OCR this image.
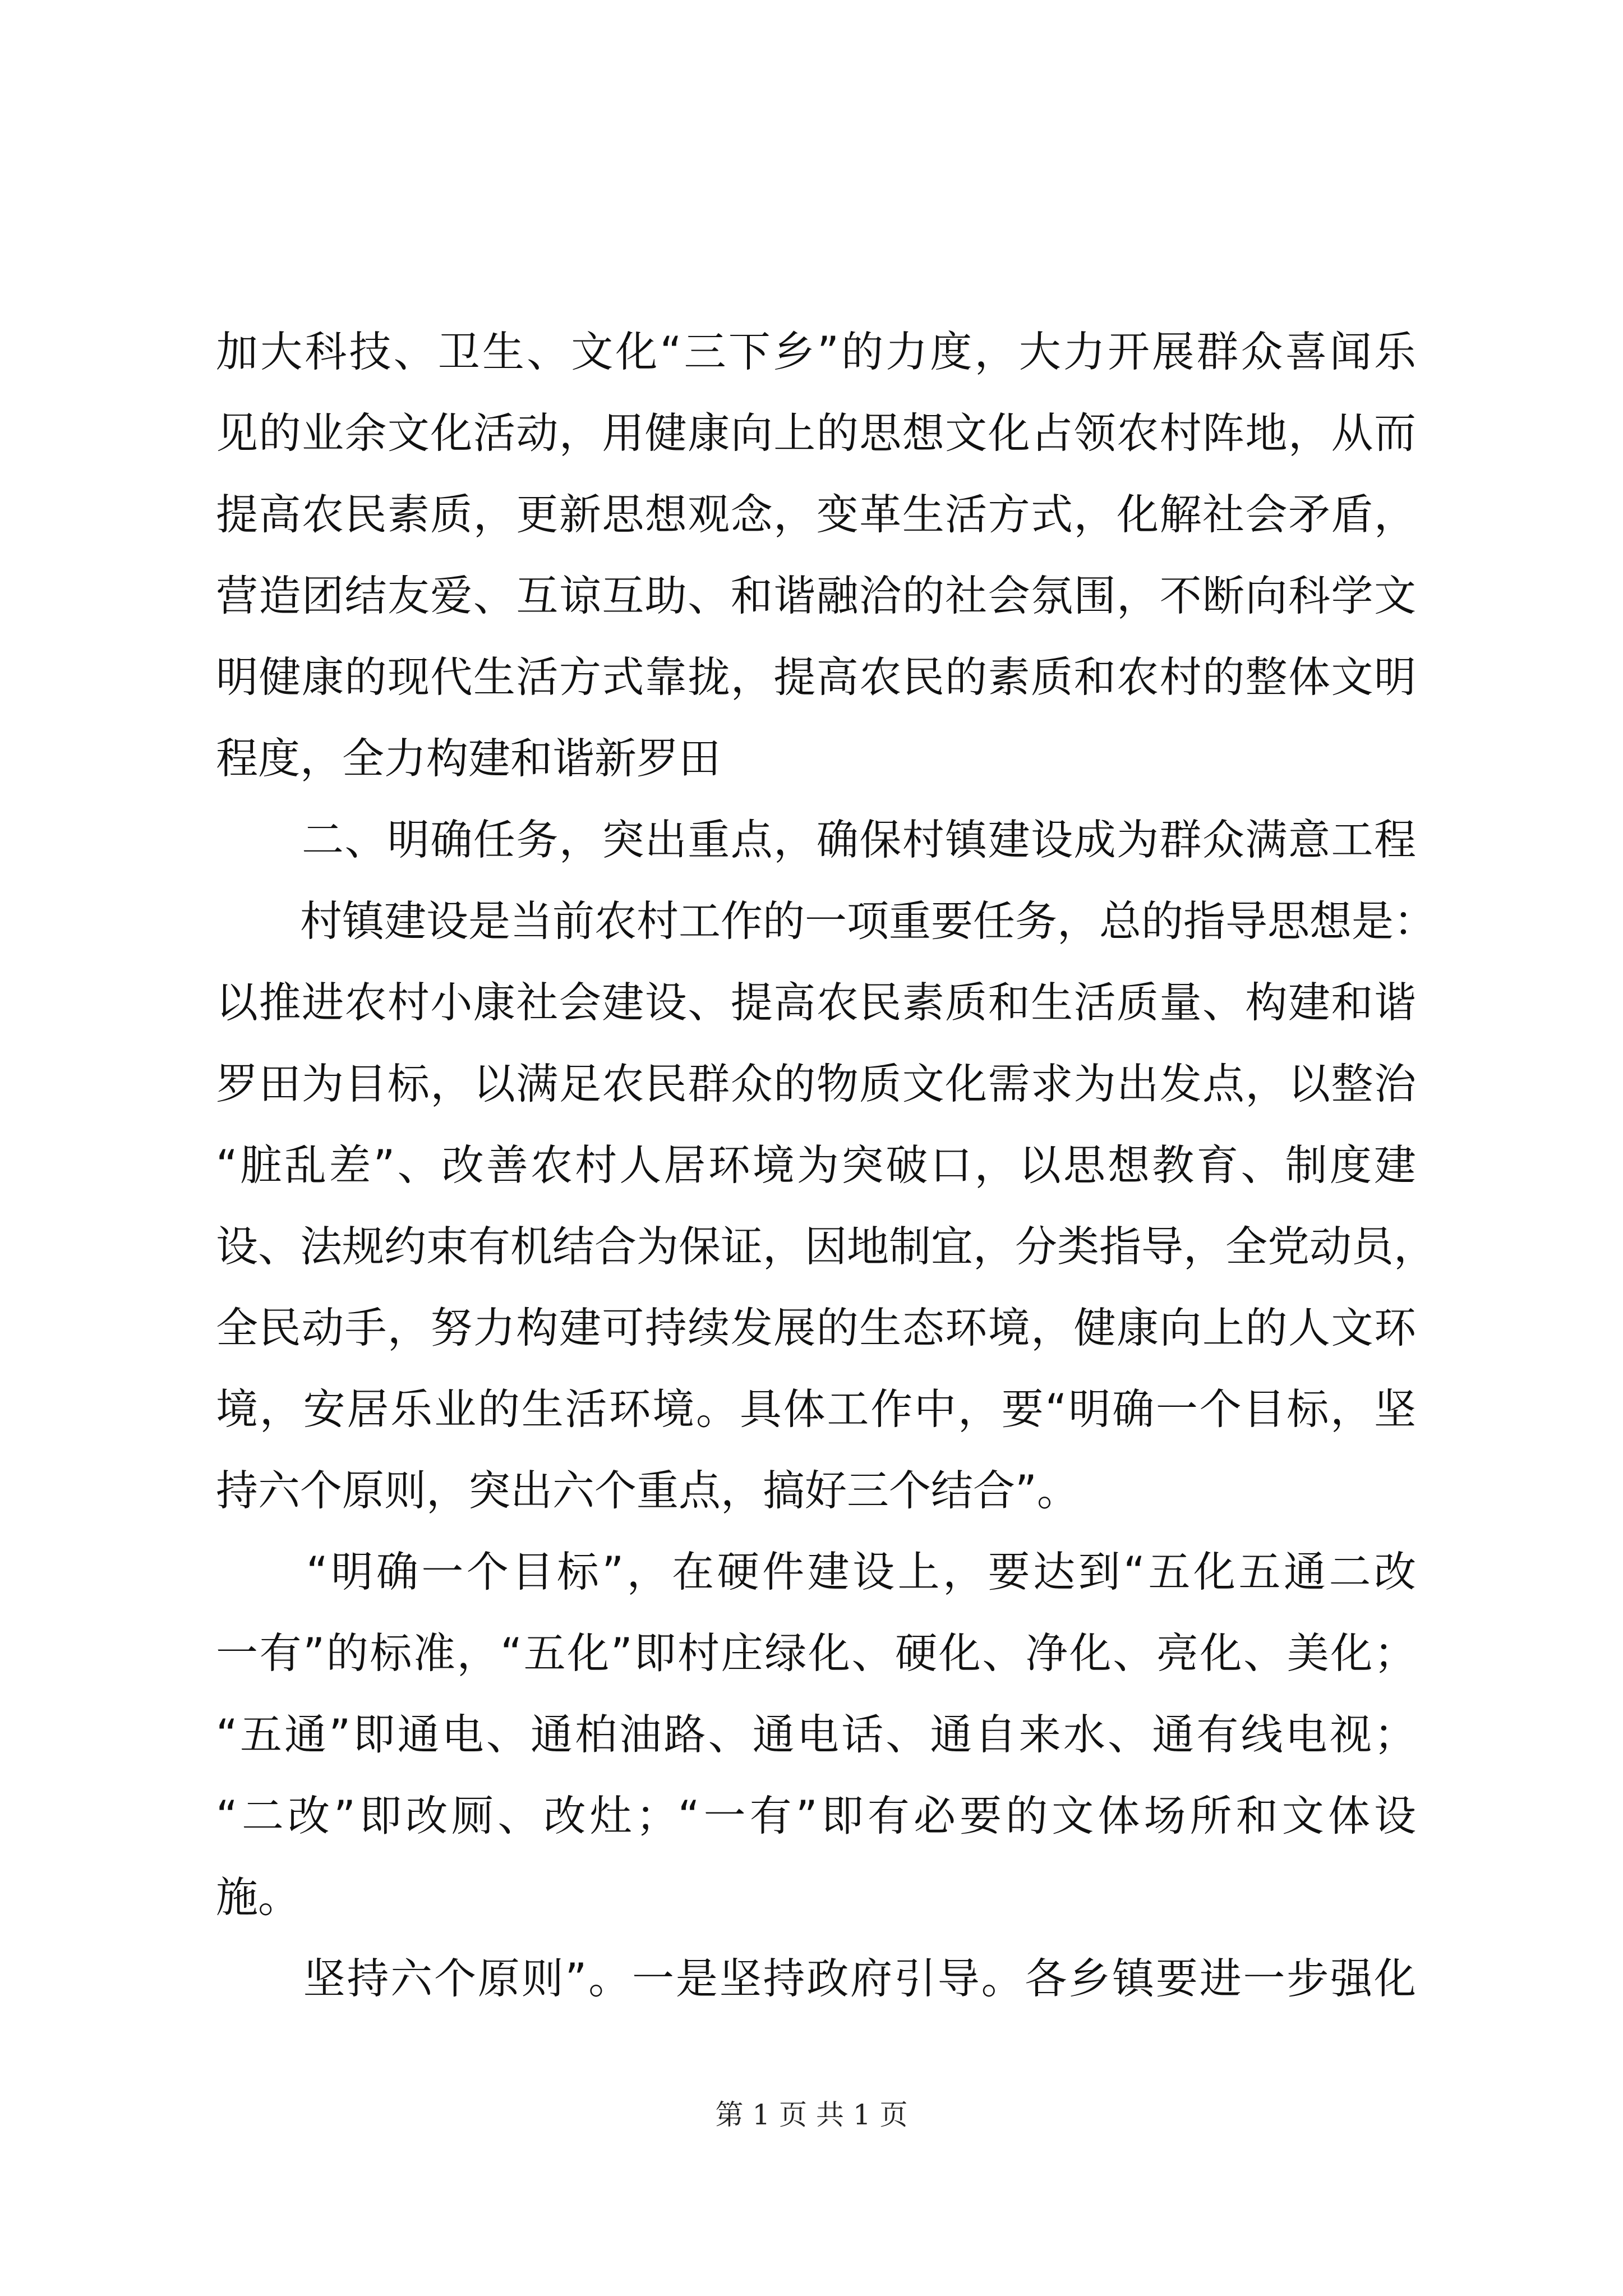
加大科技、卫生、文化“三下乡”的力度，大力开展群众喜闻乐
见的业余文化活动，用健康向上的思想文化占领农村阵地，从而
提高农民素质，更新思想观念，变革生活方式，化解社会矛盾，
营造团结友爱、互谅互助、和谐融洽的社会氛围，不断向科学文
明健康的现代生活方式靠拢，提高农民的素质和农村的整体文明
程度，全力构建和谐新罗田
　　二、明确任务，突出重点，确保村镇建设成为群众满意工程
　　村镇建设是当前农村工作的一项重要任务，总的指导思想是：
以推进农村小康社会建设、提高农民素质和生活质量、构建和谐
罗田为目标，以满足农民群众的物质文化需求为出发点，以整治
“脏乱差”、改善农村人居环境为突破口，以思想教育、制度建
设、法规约束有机结合为保证，因地制宜，分类指导，全党动员，
全民动手，努力构建可持续发展的生态环境，健康向上的人文环
境，安居乐业的生活环境。具体工作中，要“明确一个目标，坚
持六个原则，突出六个重点，搞好三个结合”。
　　“明确一个目标”，在硬件建设上，要达到“五化五通二改
一有”的标准，“五化”即村庄绿化、硬化、净化、亮化、美化；
“五通”即通电、通柏油路、通电话、通自来水、通有线电视；
“二改”即改厕、改灶；“一有”即有必要的文体场所和文体设
施。
　　坚持六个原则”。一是坚持政府引导。各乡镇要进一步强化
第 1 页 共 1 页
